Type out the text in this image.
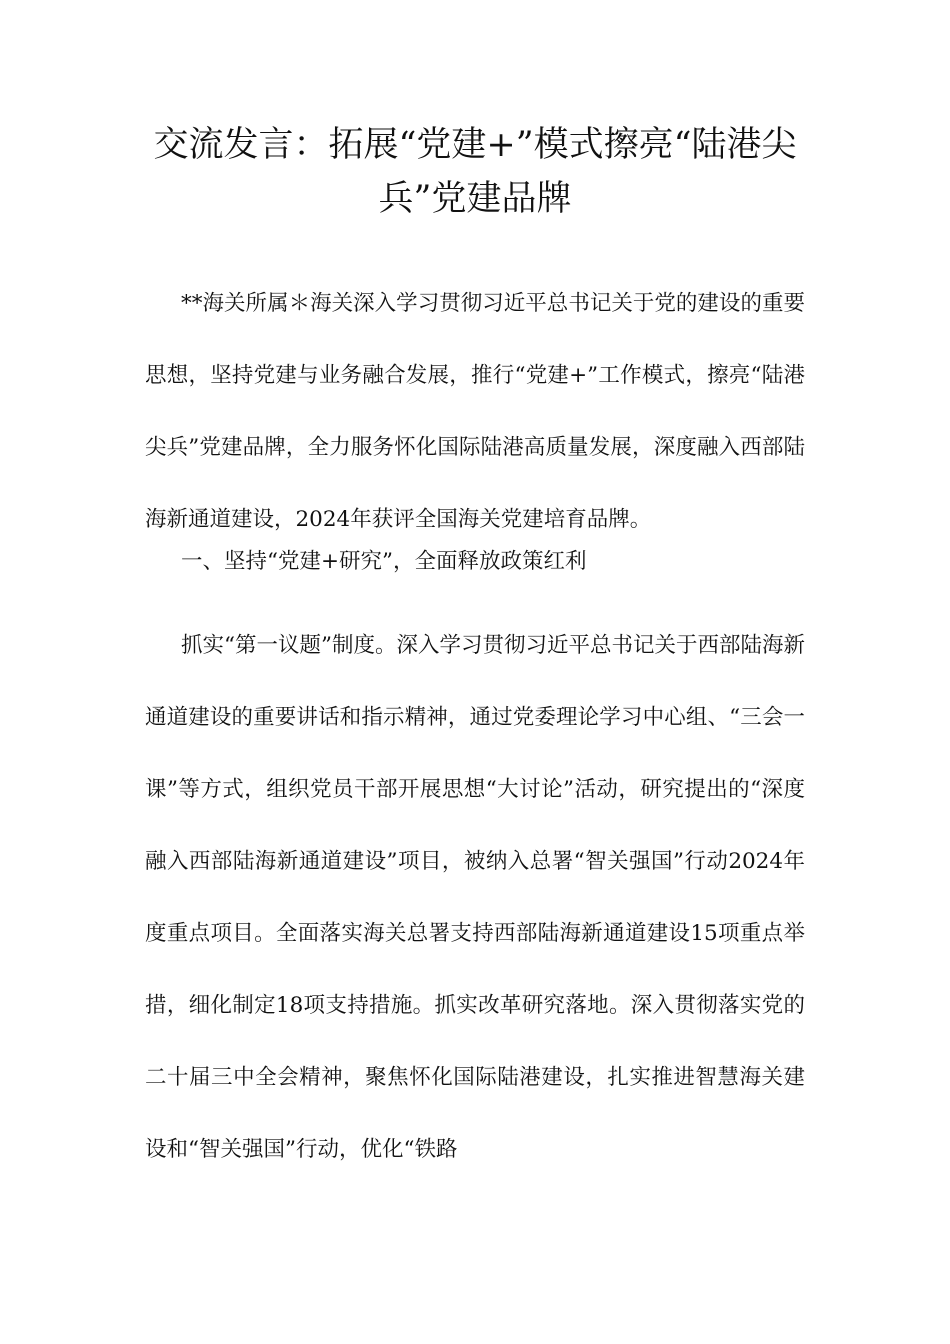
交流发言：拓展“党建+”模式擦亮“陆港尖兵”党建品牌

**海关所属＊海关深入学习贯彻习近平总书记关于党的建设的重要思想，坚持党建与业务融合发展，推行“党建+”工作模式，擦亮“陆港尖兵”党建品牌，全力服务怀化国际陆港高质量发展，深度融入西部陆海新通道建设，2024年获评全国海关党建培育品牌。

一、坚持“党建+研究”，全面释放政策红利

抓实“第一议题”制度。深入学习贯彻习近平总书记关于西部陆海新通道建设的重要讲话和指示精神，通过党委理论学习中心组、“三会一课”等方式，组织党员干部开展思想“大讨论”活动，研究提出的“深度融入西部陆海新通道建设”项目，被纳入总署“智关强国”行动2024年度重点项目。全面落实海关总署支持西部陆海新通道建设15项重点举措，细化制定18项支持措施。抓实改革研究落地。深入贯彻落实党的二十届三中全会精神，聚焦怀化国际陆港建设，扎实推进智慧海关建设和“智关强国”行动，优化“铁路
